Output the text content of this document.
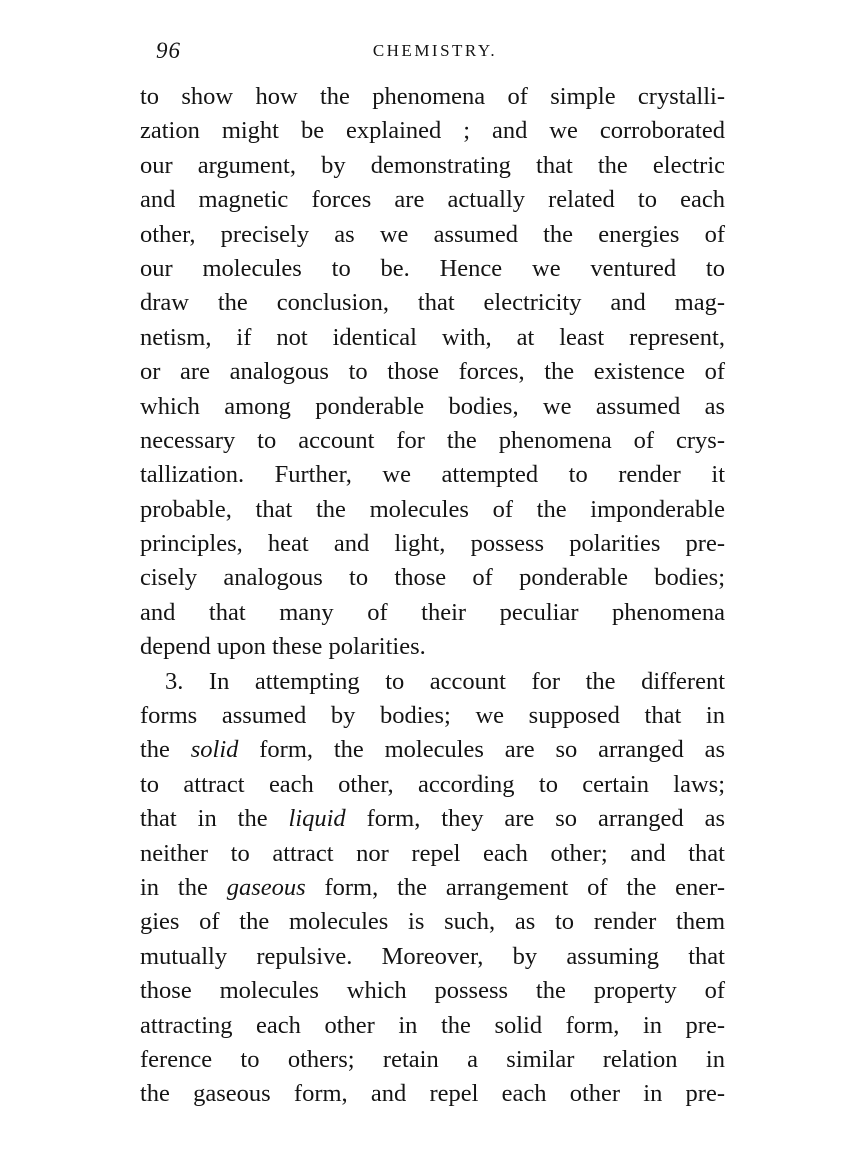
96	CHEMISTRY.
to show how the phenomena of simple crystalli-
zation might be explained ; and we corroborated
our argument, by demonstrating that the electric
and magnetic forces are actually related to each
other, precisely as we assumed the energies of
our molecules to be. Hence we ventured to
draw the conclusion, that electricity and mag-
netism, if not identical with, at least represent,
or are analogous to those forces, the existence of
which among ponderable bodies, we assumed as
necessary to account for the phenomena of crys-
tallization. Further, we attempted to render it
probable, that the molecules of the imponderable
principles, heat and light, possess polarities pre-
cisely analogous to those of ponderable bodies;
and that many of their peculiar phenomena
depend upon these polarities.
3. In attempting to account for the different
forms assumed by bodies; we supposed that in
the solid form, the molecules are so arranged as
to attract each other, according to certain laws;
that in the liquid form, they are so arranged as
neither to attract nor repel each other; and that
in the gaseous form, the arrangement of the ener-
gies of the molecules is such, as to render them
mutually repulsive. Moreover, by assuming that
those molecules which possess the property of
attracting each other in the solid form, in pre-
ference to others; retain a similar relation in
the gaseous form, and repel each other in pre-
